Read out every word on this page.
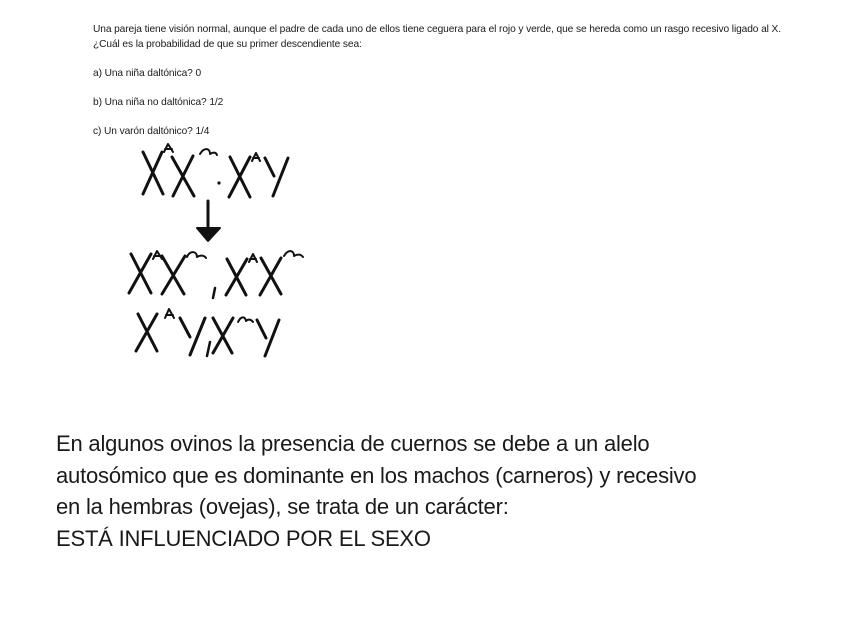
Una pareja tiene visión normal, aunque el padre de cada uno de ellos tiene ceguera para el rojo y verde, que se hereda como un rasgo recesivo ligado al X.

¿Cuál es la probabilidad de que su primer descendiente sea:

a) Una niña daltónica? 0

b) Una niña no daltónica? 1/2

c) Un varón daltónico? 1/4

En algunos ovinos la presencia de cuernos se debe a un alelo

autosómico que es dominante en los machos (carneros) y recesivo

en la hembras (ovejas), se trata de un carácter:

ESTÁ INFLUENCIADO POR EL SEXO
